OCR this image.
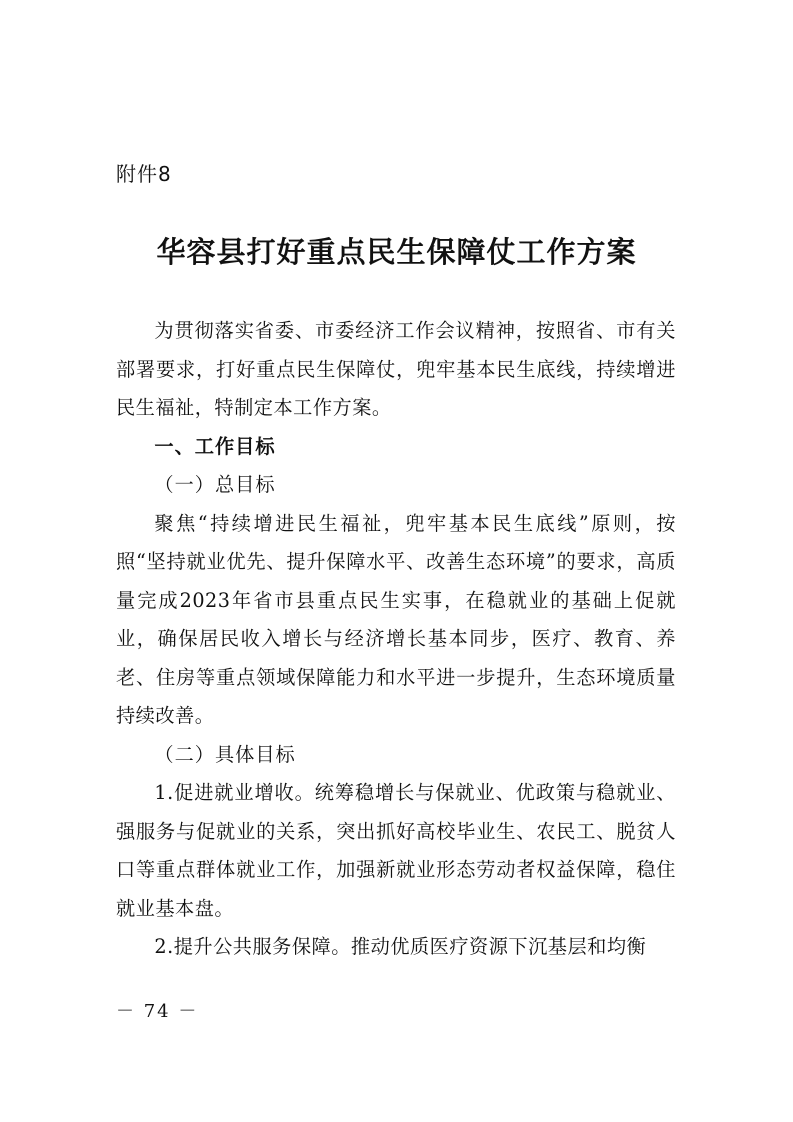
附件8
华容县打好重点民生保障仗工作方案

为贯彻落实省委、市委经济工作会议精神，按照省、市有关部署要求，打好重点民生保障仗，兜牢基本民生底线，持续增进民生福祉，特制定本工作方案。

一、工作目标

（一）总目标

聚焦“持续增进民生福祉，兜牢基本民生底线”原则，按照“坚持就业优先、提升保障水平、改善生态环境”的要求，高质量完成2023年省市县重点民生实事，在稳就业的基础上促就业，确保居民收入增长与经济增长基本同步，医疗、教育、养老、住房等重点领域保障能力和水平进一步提升，生态环境质量持续改善。

（二）具体目标

1.促进就业增收。统筹稳增长与保就业、优政策与稳就业、强服务与促就业的关系，突出抓好高校毕业生、农民工、脱贫人口等重点群体就业工作，加强新就业形态劳动者权益保障，稳住就业基本盘。

2.提升公共服务保障。推动优质医疗资源下沉基层和均衡

－ 74 －
